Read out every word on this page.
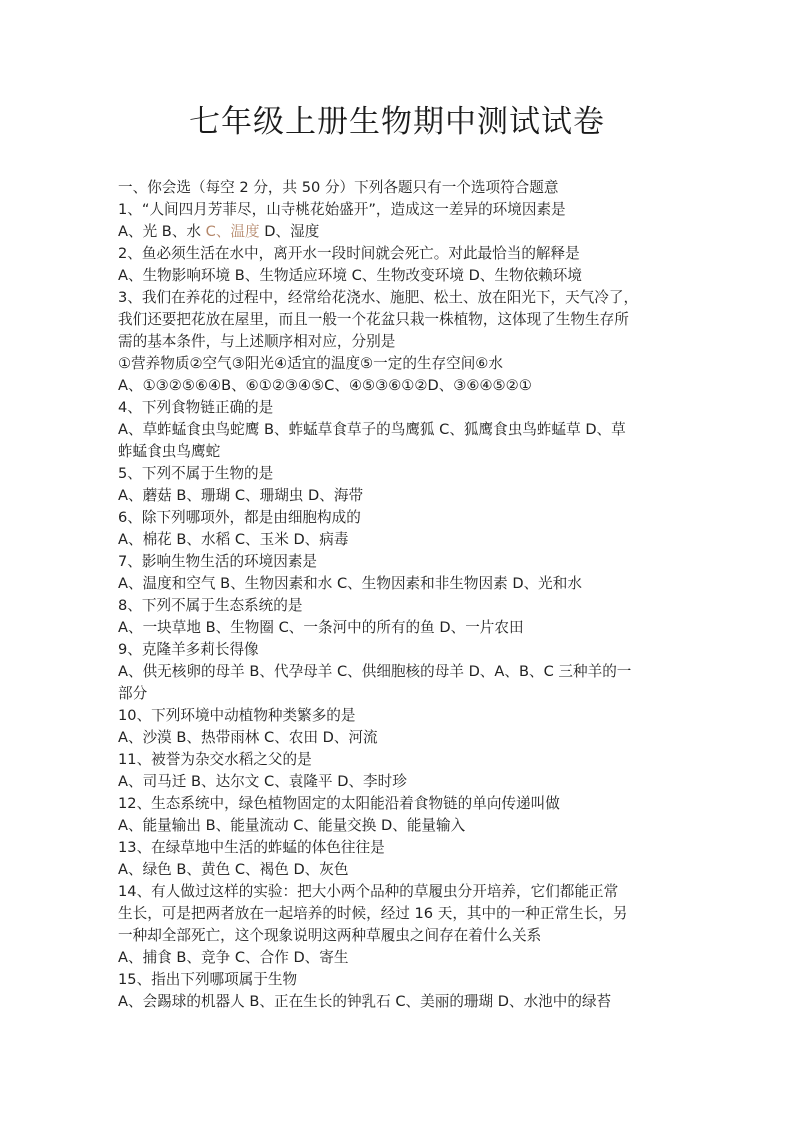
七年级上册生物期中测试试卷
一、你会选（每空 2 分，共 50 分）下列各题只有一个选项符合题意
1、“人间四月芳菲尽，山寺桃花始盛开”，造成这一差异的环境因素是
A、光 B、水 C、温度 D、湿度
2、鱼必须生活在水中，离开水一段时间就会死亡。对此最恰当的解释是
A、生物影响环境 B、生物适应环境 C、生物改变环境 D、生物依赖环境
3、我们在养花的过程中，经常给花浇水、施肥、松土、放在阳光下，天气冷了，
我们还要把花放在屋里，而且一般一个花盆只栽一株植物，这体现了生物生存所
需的基本条件，与上述顺序相对应，分别是
①营养物质②空气③阳光④适宜的温度⑤一定的生存空间⑥水
A、①③②⑤⑥④B、⑥①②③④⑤C、④⑤③⑥①②D、③⑥④⑤②①
4、下列食物链正确的是
A、草蚱蜢食虫鸟蛇鹰 B、蚱蜢草食草子的鸟鹰狐 C、狐鹰食虫鸟蚱蜢草 D、草
蚱蜢食虫鸟鹰蛇
5、下列不属于生物的是
A、蘑菇 B、珊瑚 C、珊瑚虫 D、海带
6、除下列哪项外，都是由细胞构成的
A、棉花 B、水稻 C、玉米 D、病毒
7、影响生物生活的环境因素是
A、温度和空气 B、生物因素和水 C、生物因素和非生物因素 D、光和水
8、下列不属于生态系统的是
A、一块草地 B、生物圈 C、一条河中的所有的鱼 D、一片农田
9、克隆羊多莉长得像
A、供无核卵的母羊 B、代孕母羊 C、供细胞核的母羊 D、A、B、C 三种羊的一
部分
10、下列环境中动植物种类繁多的是
A、沙漠 B、热带雨林 C、农田 D、河流
11、被誉为杂交水稻之父的是
A、司马迁 B、达尔文 C、袁隆平 D、李时珍
12、生态系统中，绿色植物固定的太阳能沿着食物链的单向传递叫做
A、能量输出 B、能量流动 C、能量交换 D、能量输入
13、在绿草地中生活的蚱蜢的体色往往是
A、绿色 B、黄色 C、褐色 D、灰色
14、有人做过这样的实验：把大小两个品种的草履虫分开培养，它们都能正常
生长，可是把两者放在一起培养的时候，经过 16 天，其中的一种正常生长，另
一种却全部死亡，这个现象说明这两种草履虫之间存在着什么关系
A、捕食 B、竞争 C、合作 D、寄生
15、指出下列哪项属于生物
A、会踢球的机器人 B、正在生长的钟乳石 C、美丽的珊瑚 D、水池中的绿苔
